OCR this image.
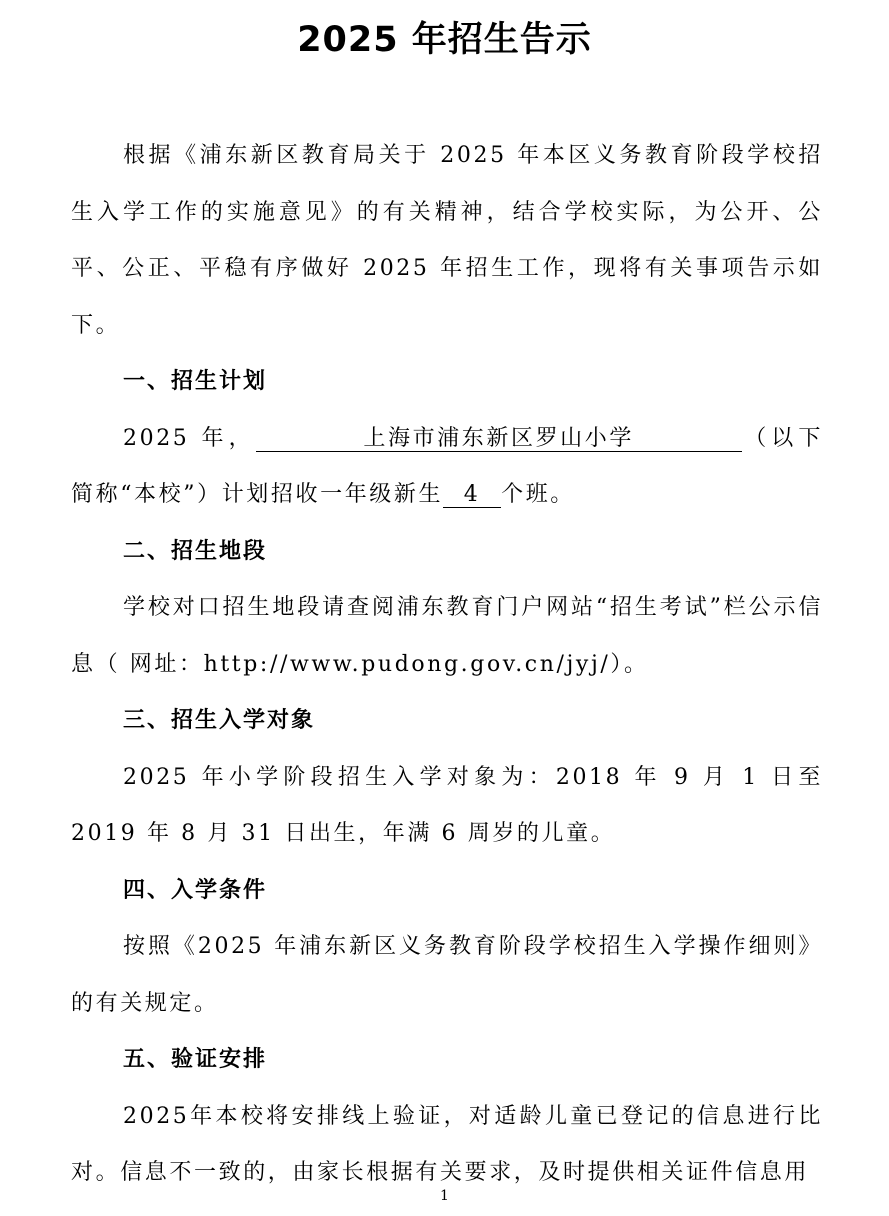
2025 年招生告示

根据《浦东新区教育局关于 2025 年本区义务教育阶段学校招生入学工作的实施意见》的有关精神，结合学校实际，为公开、公平、公正、平稳有序做好 2025 年招生工作，现将有关事项告示如下。

一、招生计划

2025 年，	上海市浦东新区罗山小学	（以下简称“本校”）计划招收一年级新生 4 个班。

二、招生地段

学校对口招生地段请查阅浦东教育门户网站“招生考试”栏公示信息（ 网址：http://www.pudong.gov.cn/jyj/）。

三、招生入学对象

2025 年小学阶段招生入学对象为：2018 年 9 月 1 日至 2019 年 8 月 31 日出生，年满 6 周岁的儿童。

四、入学条件

按照《2025 年浦东新区义务教育阶段学校招生入学操作细则》的有关规定。

五、验证安排

2025年本校将安排线上验证，对适龄儿童已登记的信息进行比对。信息不一致的，由家长根据有关要求，及时提供相关证件信息用

1
